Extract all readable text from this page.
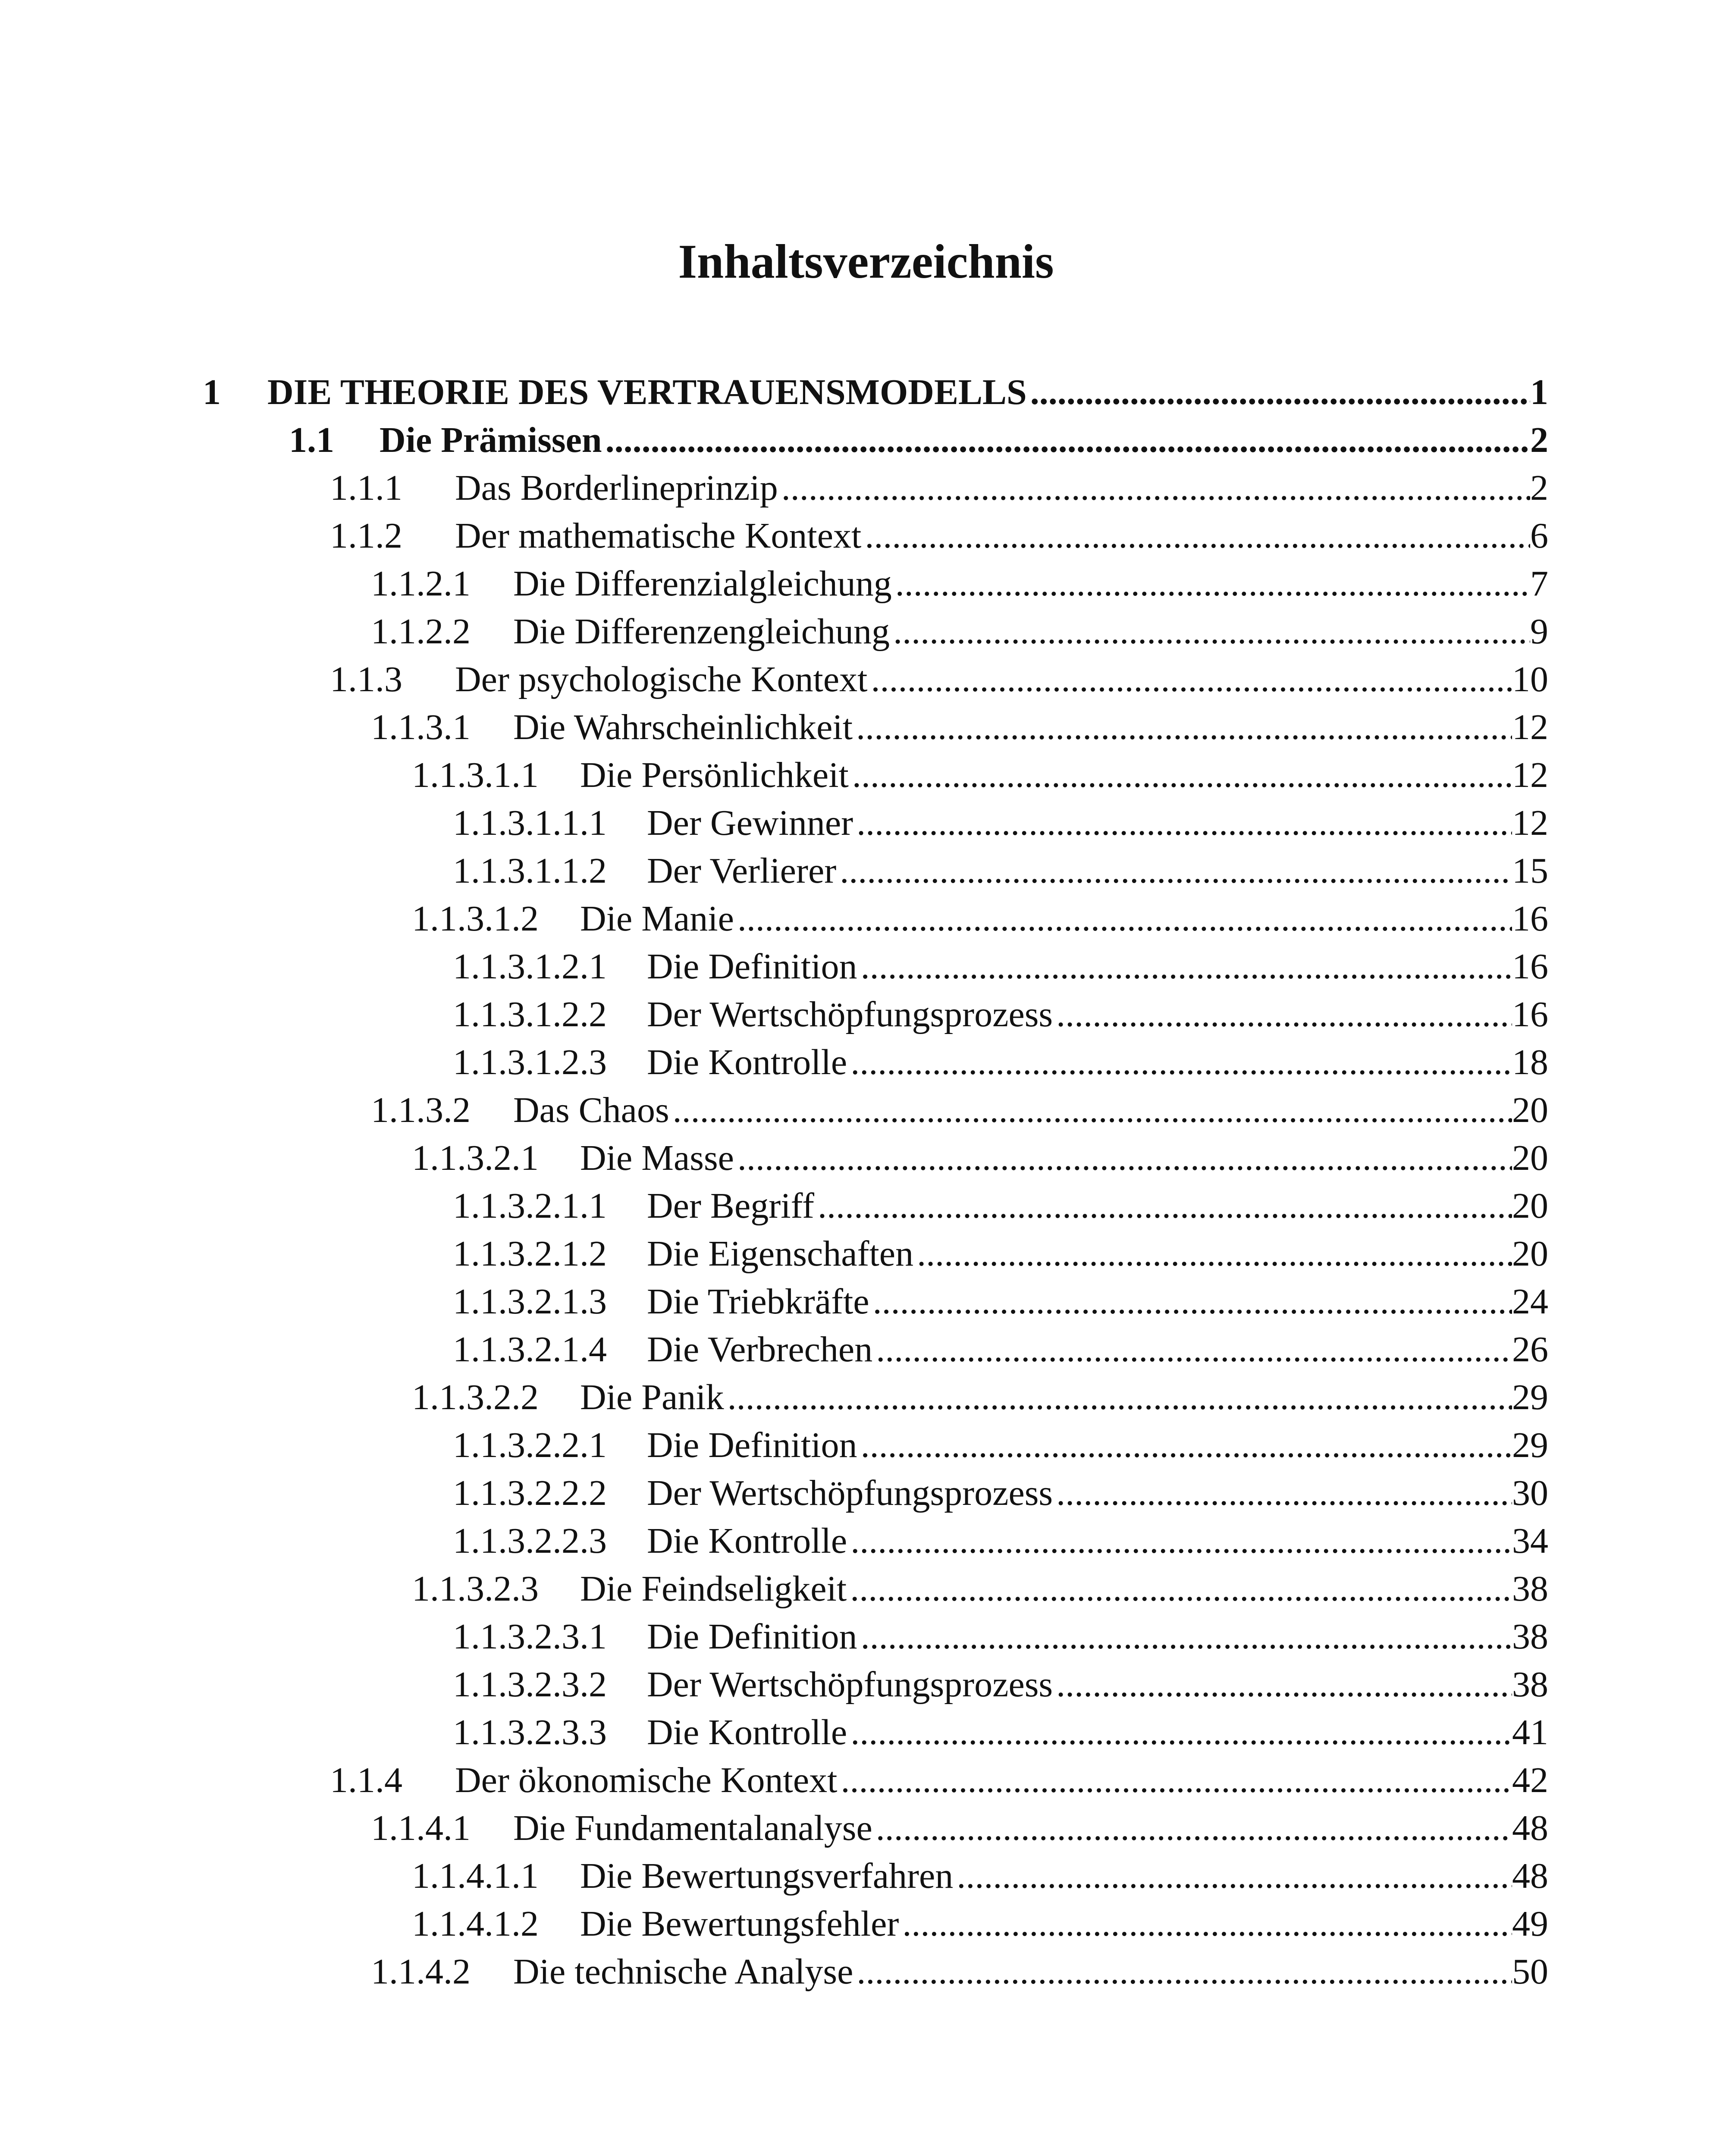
Inhaltsverzeichnis
1	DIE THEORIE DES VERTRAUENSMODELLS .....	1
1.1	Die Prämissen .....	2
1.1.1	Das Borderlineprinzip .....	2
1.1.2	Der mathematische Kontext .....	6
1.1.2.1	Die Differenzialgleichung .....	7
1.1.2.2	Die Differenzengleichung .....	9
1.1.3	Der psychologische Kontext .....	10
1.1.3.1	Die Wahrscheinlichkeit .....	12
1.1.3.1.1	Die Persönlichkeit .....	12
1.1.3.1.1.1	Der Gewinner .....	12
1.1.3.1.1.2	Der Verlierer .....	15
1.1.3.1.2	Die Manie .....	16
1.1.3.1.2.1	Die Definition .....	16
1.1.3.1.2.2	Der Wertschöpfungsprozess .....	16
1.1.3.1.2.3	Die Kontrolle .....	18
1.1.3.2	Das Chaos .....	20
1.1.3.2.1	Die Masse .....	20
1.1.3.2.1.1	Der Begriff .....	20
1.1.3.2.1.2	Die Eigenschaften .....	20
1.1.3.2.1.3	Die Triebkräfte .....	24
1.1.3.2.1.4	Die Verbrechen .....	26
1.1.3.2.2	Die Panik .....	29
1.1.3.2.2.1	Die Definition .....	29
1.1.3.2.2.2	Der Wertschöpfungsprozess .....	30
1.1.3.2.2.3	Die Kontrolle .....	34
1.1.3.2.3	Die Feindseligkeit .....	38
1.1.3.2.3.1	Die Definition .....	38
1.1.3.2.3.2	Der Wertschöpfungsprozess .....	38
1.1.3.2.3.3	Die Kontrolle .....	41
1.1.4	Der ökonomische Kontext .....	42
1.1.4.1	Die Fundamentalanalyse .....	48
1.1.4.1.1	Die Bewertungsverfahren .....	48
1.1.4.1.2	Die Bewertungsfehler .....	49
1.1.4.2	Die technische Analyse .....	50
